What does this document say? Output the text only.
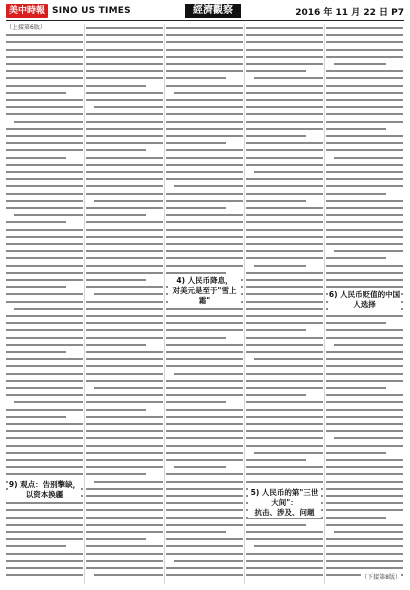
美中時報 SINO US TIMES	經濟觀察	2016 年 11 月 22 日 P7
（上接第6版）
9) 观点：告别擎缺，
以资本换疆
4) 人民币降息，
对美元是至于"雪上霜"
5) 人民币的第"三世大间"：
抗击、涉及、问题
6) 人民币贬值的中国人选择
（下接第8版）
